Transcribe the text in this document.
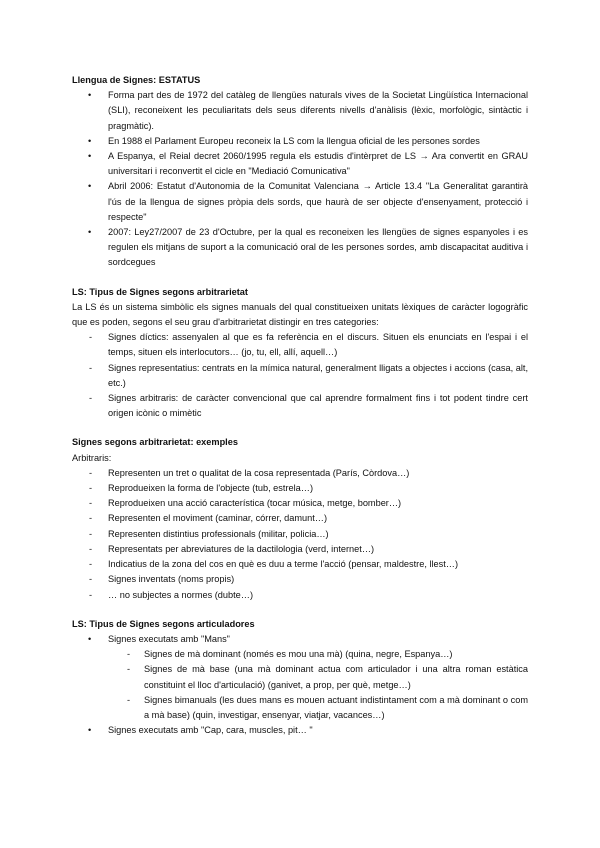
Llengua de Signes: ESTATUS
• Forma part des de 1972 del catàleg de llengües naturals vives de la Societat Lingüística Internacional (SLI), reconeixent les peculiaritats dels seus diferents nivells d'anàlisis (lèxic, morfològic, sintàctic i pragmàtic).
• En 1988 el Parlament Europeu reconeix la LS com la llengua oficial de les persones sordes
• A Espanya, el Reial decret 2060/1995 regula els estudis d'intèrpret de LS → Ara convertit en GRAU universitari i reconvertit el cicle en "Mediació Comunicativa"
• Abril 2006: Estatut d'Autonomia de la Comunitat Valenciana → Article 13.4 "La Generalitat garantirà l'ús de la llengua de signes pròpia dels sords, que haurà de ser objecte d'ensenyament, protecció i respecte"
• 2007: Ley27/2007 de 23 d'Octubre, per la qual es reconeixen les llengües de signes espanyoles i es regulen els mitjans de suport a la comunicació oral de les persones sordes, amb discapacitat auditiva i sordcegues
LS: Tipus de Signes segons arbitrarietat

La LS és un sistema simbòlic els signes manuals del qual constitueixen unitats lèxiques de caràcter logogràfic que es poden, segons el seu grau d'arbitrarietat distingir en tres categories:

- Signes díctics: assenyalen al que es fa referència en el discurs. Situen els enunciats en l'espai i el temps, situen els interlocutors… (jo, tu, ell, allí, aquell…)
- Signes representatius: centrats en la mímica natural, generalment lligats a objectes i accions (casa, alt, etc.)
- Signes arbitraris: de caràcter convencional que cal aprendre formalment fins i tot podent tindre cert origen icònic o mimètic
Signes segons arbitrarietat: exemples

Arbitraris:

- Representen un tret o qualitat de la cosa representada (París, Còrdova…)
- Reprodueixen la forma de l'objecte (tub, estrela…)
- Reprodueixen una acció característica (tocar música, metge, bomber…)
- Representen el moviment (caminar, córrer, damunt…)
- Representen distintius professionals (militar, policia…)
- Representats per abreviatures de la dactilologia (verd, internet…)
- Indicatius de la zona del cos en què es duu a terme l'acció (pensar, maldestre, llest…)
- Signes inventats (noms propis)
- … no subjectes a normes (dubte…)
LS: Tipus de Signes segons articuladores
• Signes executats amb "Mans"
- Signes de mà dominant (només es mou una mà) (quina, negre, Espanya…)
- Signes de mà base (una mà dominant actua com articulador i una altra roman estàtica constituint el lloc d'articulació) (ganivet, a prop, per què, metge…)
- Signes bimanuals (les dues mans es mouen actuant indistintament com a mà dominant o com a mà base) (quin, investigar, ensenyar, viatjar, vacances…)
• Signes executats amb "Cap, cara, muscles, pit… "
